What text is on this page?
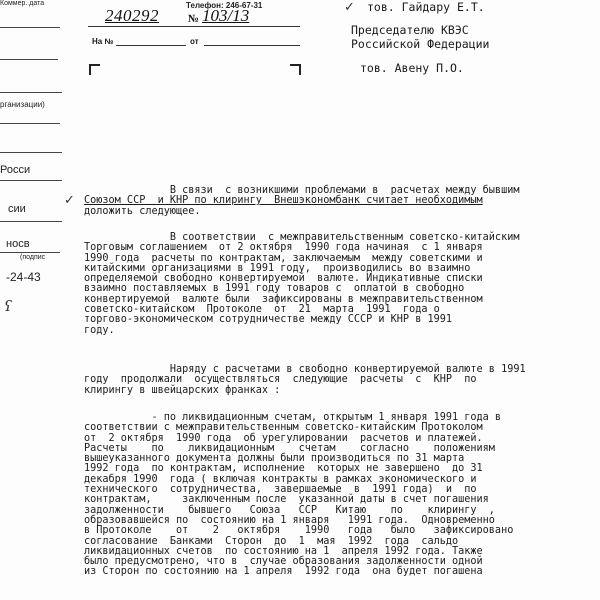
Коммер. дата
рганизации)
Росси
сии
носв
(подпис
-24-43
ʕ
Телефон: 246-67-31
240292	№ 103/13
На №	от
✓ тов. Гайдару Е.Т.
Председателю КВЭС
Российской Федерации
тов. Авену П.О.
✓
В связи  с возникшими проблемами в  расчетах между бывшим
Союзом ССР  и КНР по клирингу  Внешэкономбанк считает необходимым
доложить следующее.
В соответствии  с межправительственным советско-китайским
Торговым соглашением  от 2 октября  1990 года начиная  с 1 января
1990 года  расчеты по контрактам, заключаемым  между советскими и
китайскими организациями в 1991 году,  производились во взаимно
определяемой свободно конвертируемой  валюте. Индикативные списки
взаимно поставляемых в 1991 году товаров с  оплатой в свободно
конвертируемой  валюте были  зафиксированы в межправительственном
советско-китайском  Протоколе  от  21  марта  1991  года о
торгово-экономическом сотрудничестве между СССР и КНР в 1991
году.
Наряду с расчетами в свободно конвертируемой валюте в 1991
году  продолжали  осуществляться  следующие  расчеты  с  КНР  по
клирингу в швейцарских франках :
- по ликвидационным счетам, открытым 1 января 1991 года в
соответствии с межправительственным советско-китайским Протоколом
от  2 октября  1990 года  об урегулировании  расчетов и платежей.
Расчеты    по    ликвидационным    счетам    согласно    положениям
вышеуказанного документа должны были производиться по 31 марта
1992 года  по контрактам, исполнение  которых не завершено  до 31
декабря 1990  года ( включая контракты в рамках экономического и
технического  сотрудничества,  завершаемые  в  1991 года)  и  по
контрактам,     заключенным после  указанной даты в счет погашения
задолженности    бывшего   Союза   ССР   Китаю    по    клирингу  ,
образовавшейся по  состоянию на 1 января   1991 года.  Одновременно
в Протоколе    от    2   октября    1990   года   было   зафиксировано
согласование  Банками  Сторон  до  1  мая  1992  года  сальдо
ликвидационных счетов  по состоянию на 1  апреля 1992 года. Также
было предусмотрено, что в  случае образования задолженности одной
из Сторон по состоянию на 1 апреля  1992 года  она будет погашена
